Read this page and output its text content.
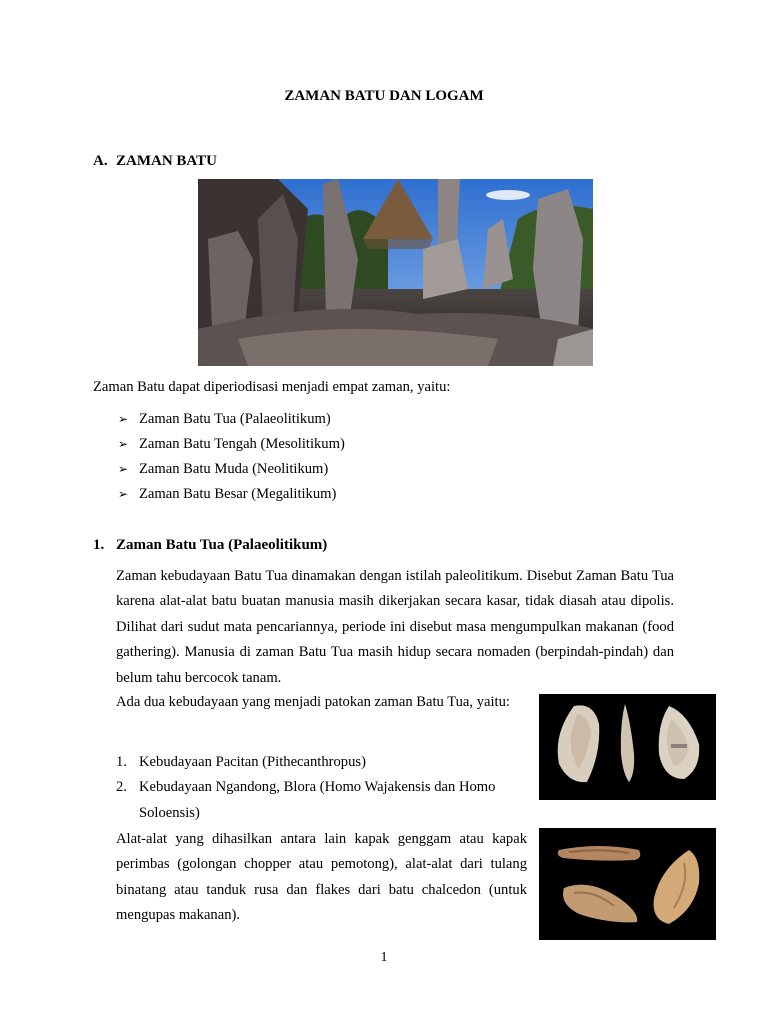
ZAMAN BATU DAN LOGAM
A. ZAMAN BATU
Zaman Batu dapat diperiodisasi menjadi empat zaman, yaitu:
➢ Zaman Batu Tua (Palaeolitikum)
➢ Zaman Batu Tengah (Mesolitikum)
➢ Zaman Batu Muda (Neolitikum)
➢ Zaman Batu Besar (Megalitikum)
1. Zaman Batu Tua (Palaeolitikum)
Zaman kebudayaan Batu Tua dinamakan dengan istilah paleolitikum. Disebut Zaman Batu Tua karena alat-alat batu buatan manusia masih dikerjakan secara kasar, tidak diasah atau dipolis. Dilihat dari sudut mata pencariannya, periode ini disebut masa mengumpulkan makanan (food gathering). Manusia di zaman Batu Tua masih hidup secara nomaden (berpindah-pindah) dan belum tahu bercocok tanam.
Ada dua kebudayaan yang menjadi patokan zaman Batu Tua, yaitu:
1. Kebudayaan Pacitan (Pithecanthropus)
2. Kebudayaan Ngandong, Blora (Homo Wajakensis dan Homo Soloensis)
Alat-alat yang dihasilkan antara lain kapak genggam atau kapak perimbas (golongan chopper atau pemotong), alat-alat dari tulang binatang atau tanduk rusa dan flakes dari batu chalcedon (untuk mengupas makanan).
1
